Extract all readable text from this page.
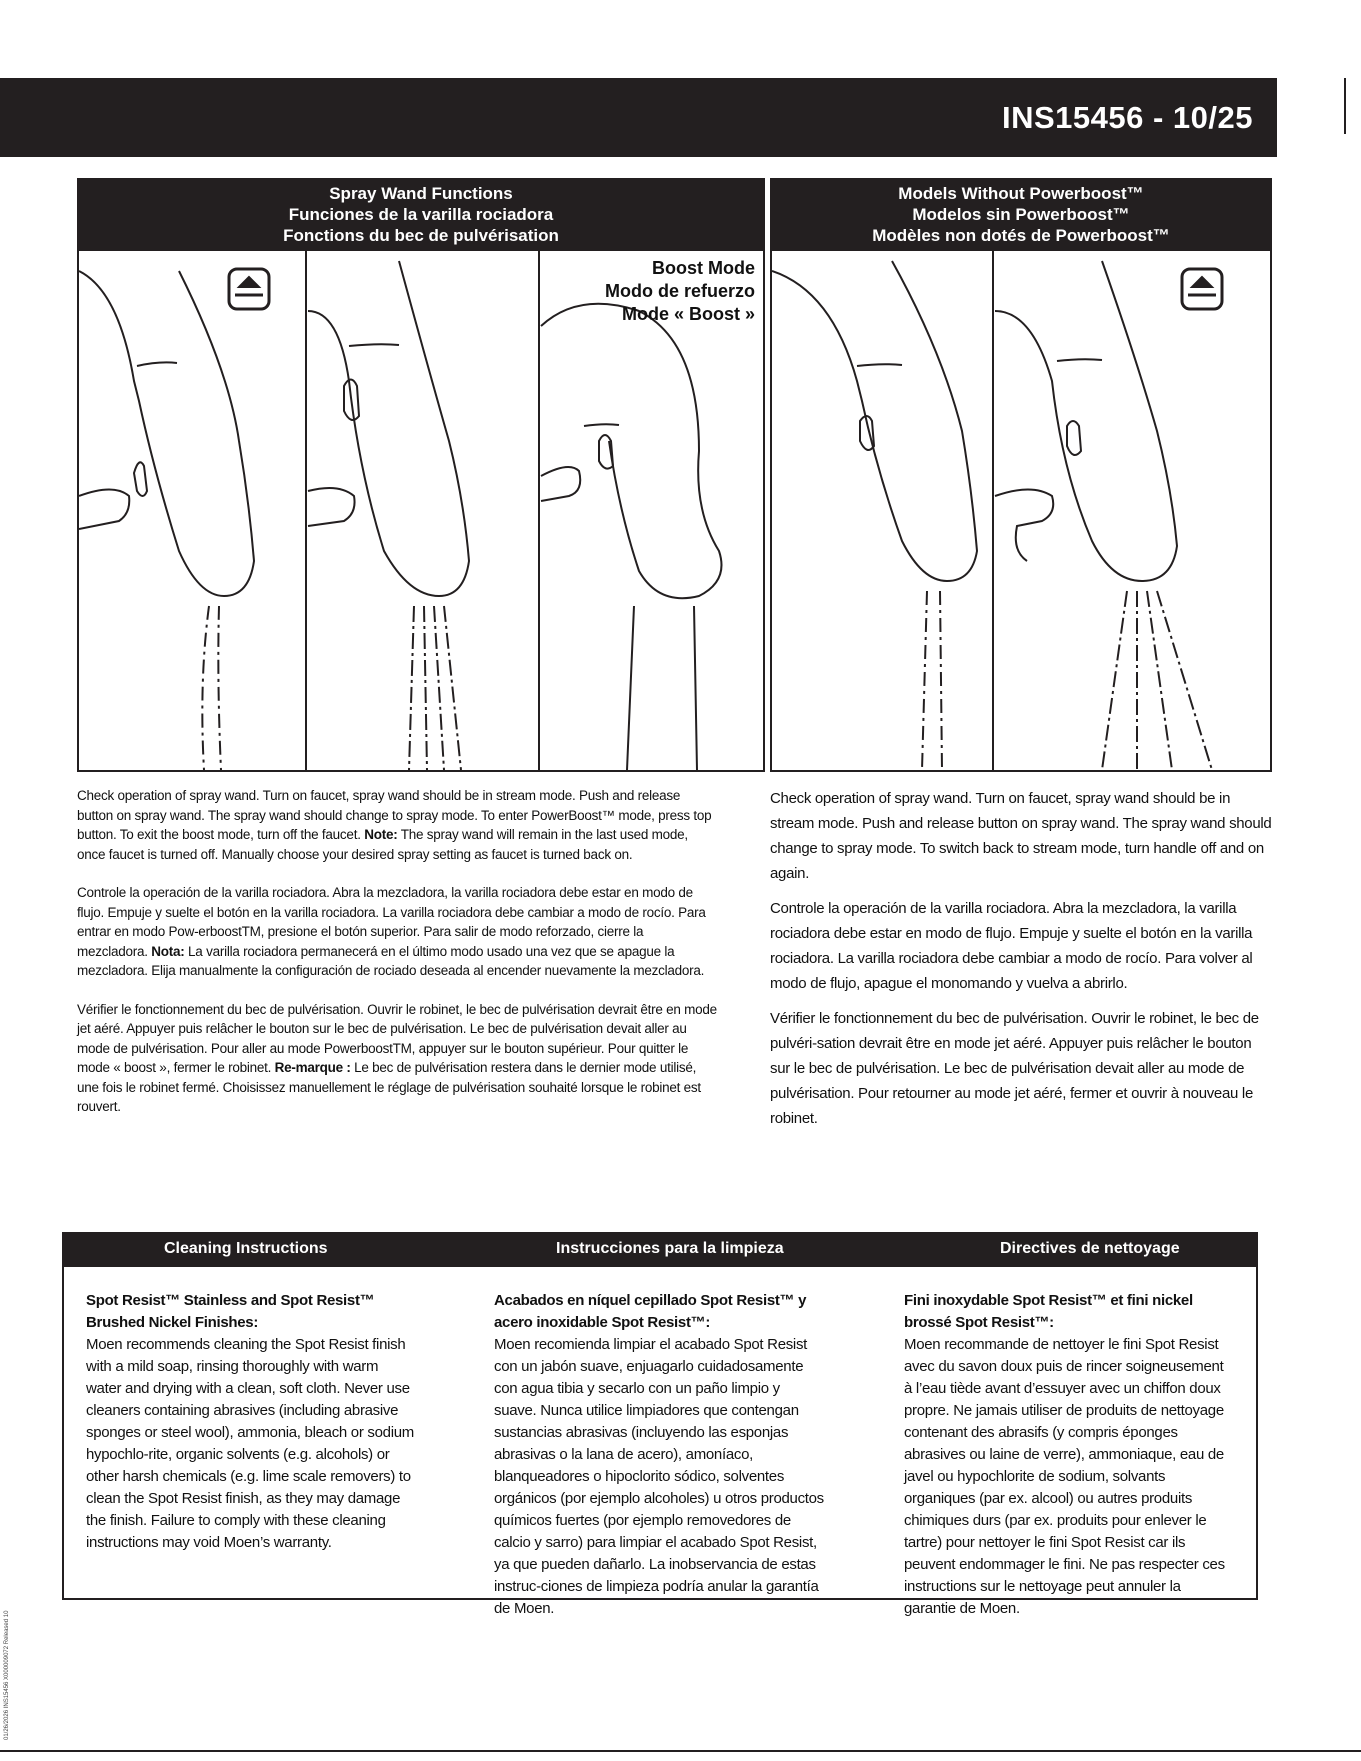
INS15456 - 10/25
Spray Wand Functions
Funciones de la varilla rociadora
Fonctions du bec de pulvérisation
Boost Mode
Modo de refuerzo
Mode « Boost »
Models Without Powerboost™
Modelos sin Powerboost™
Modèles non dotés de Powerboost™

Check operation of spray wand. Turn on faucet, spray wand should be in stream mode. Push and release button on spray wand. The spray wand should change to spray mode. To enter PowerBoost™ mode, press top button. To exit the boost mode, turn off the faucet. Note: The spray wand will remain in the last used mode, once faucet is turned off. Manually choose your desired spray setting as faucet is turned back on.

Controle la operación de la varilla rociadora. Abra la mezcladora, la varilla rociadora debe estar en modo de flujo. Empuje y suelte el botón en la varilla rociadora. La varilla rociadora debe cambiar a modo de rocío. Para entrar en modo Pow-erboostTM, presione el botón superior. Para salir de modo reforzado, cierre la mezcladora. Nota: La varilla rociadora permanecerá en el último modo usado una vez que se apague la mezcladora. Elija manualmente la configuración de rociado deseada al encender nuevamente la mezcladora.

Vérifier le fonctionnement du bec de pulvérisation. Ouvrir le robinet, le bec de pulvérisation devrait être en mode jet aéré. Appuyer puis relâcher le bouton sur le bec de pulvérisation. Le bec de pulvérisation devait aller au mode de pulvérisation. Pour aller au mode PowerboostTM, appuyer sur le bouton supérieur. Pour quitter le mode « boost », fermer le robinet. Re-marque : Le bec de pulvérisation restera dans le dernier mode utilisé, une fois le robinet fermé. Choisissez manuellement le réglage de pulvérisation souhaité lorsque le robinet est rouvert.

Check operation of spray wand. Turn on faucet, spray wand should be in stream mode. Push and release button on spray wand. The spray wand should change to spray mode. To switch back to stream mode, turn handle off and on again.

Controle la operación de la varilla rociadora. Abra la mezcladora, la varilla rociadora debe estar en modo de flujo. Empuje y suelte el botón en la varilla rociadora. La varilla rociadora debe cambiar a modo de rocío. Para volver al modo de flujo, apague el monomando y vuelva a abrirlo.

Vérifier le fonctionnement du bec de pulvérisation. Ouvrir le robinet, le bec de pulvéri-sation devrait être en mode jet aéré. Appuyer puis relâcher le bouton sur le bec de pulvérisation. Le bec de pulvérisation devait aller au mode de pulvérisation. Pour retourner au mode jet aéré, fermer et ouvrir à nouveau le robinet.

Cleaning Instructions	Instrucciones para la limpieza	Directives de nettoyage
Spot Resist™ Stainless and Spot Resist™ Brushed Nickel Finishes:
Moen recommends cleaning the Spot Resist finish with a mild soap, rinsing thoroughly with warm water and drying with a clean, soft cloth. Never use cleaners containing abrasives (including abrasive sponges or steel wool), ammonia, bleach or sodium hypochlo-rite, organic solvents (e.g. alcohols) or other harsh chemicals (e.g. lime scale removers) to clean the Spot Resist finish, as they may damage the finish. Failure to comply with these cleaning instructions may void Moen’s warranty.
Acabados en níquel cepillado Spot Resist™ y acero inoxidable Spot Resist™:
Moen recomienda limpiar el acabado Spot Resist con un jabón suave, enjuagarlo cuidadosamente con agua tibia y secarlo con un paño limpio y suave. Nunca utilice limpiadores que contengan sustancias abrasivas (incluyendo las esponjas abrasivas o la lana de acero), amoníaco, blanqueadores o hipoclorito sódico, solventes orgánicos (por ejemplo alcoholes) u otros productos químicos fuertes (por ejemplo removedores de calcio y sarro) para limpiar el acabado Spot Resist, ya que pueden dañarlo. La inobservancia de estas instruc-ciones de limpieza podría anular la garantía de Moen.
Fini inoxydable Spot Resist™ et fini nickel brossé Spot Resist™:
Moen recommande de nettoyer le fini Spot Resist avec du savon doux puis de rincer soigneusement à l’eau tiède avant d’essuyer avec un chiffon doux propre. Ne jamais utiliser de produits de nettoyage contenant des abrasifs (y compris éponges abrasives ou laine de verre), ammoniaque, eau de javel ou hypochlorite de sodium, solvants organiques (par ex. alcool) ou autres produits chimiques durs (par ex. produits pour enlever le tartre) pour nettoyer le fini Spot Resist car ils peuvent endommager le fini. Ne pas respecter ces instructions sur le nettoyage peut annuler la garantie de Moen.
01/26/2026 INS15456 X000009072 Released 10
